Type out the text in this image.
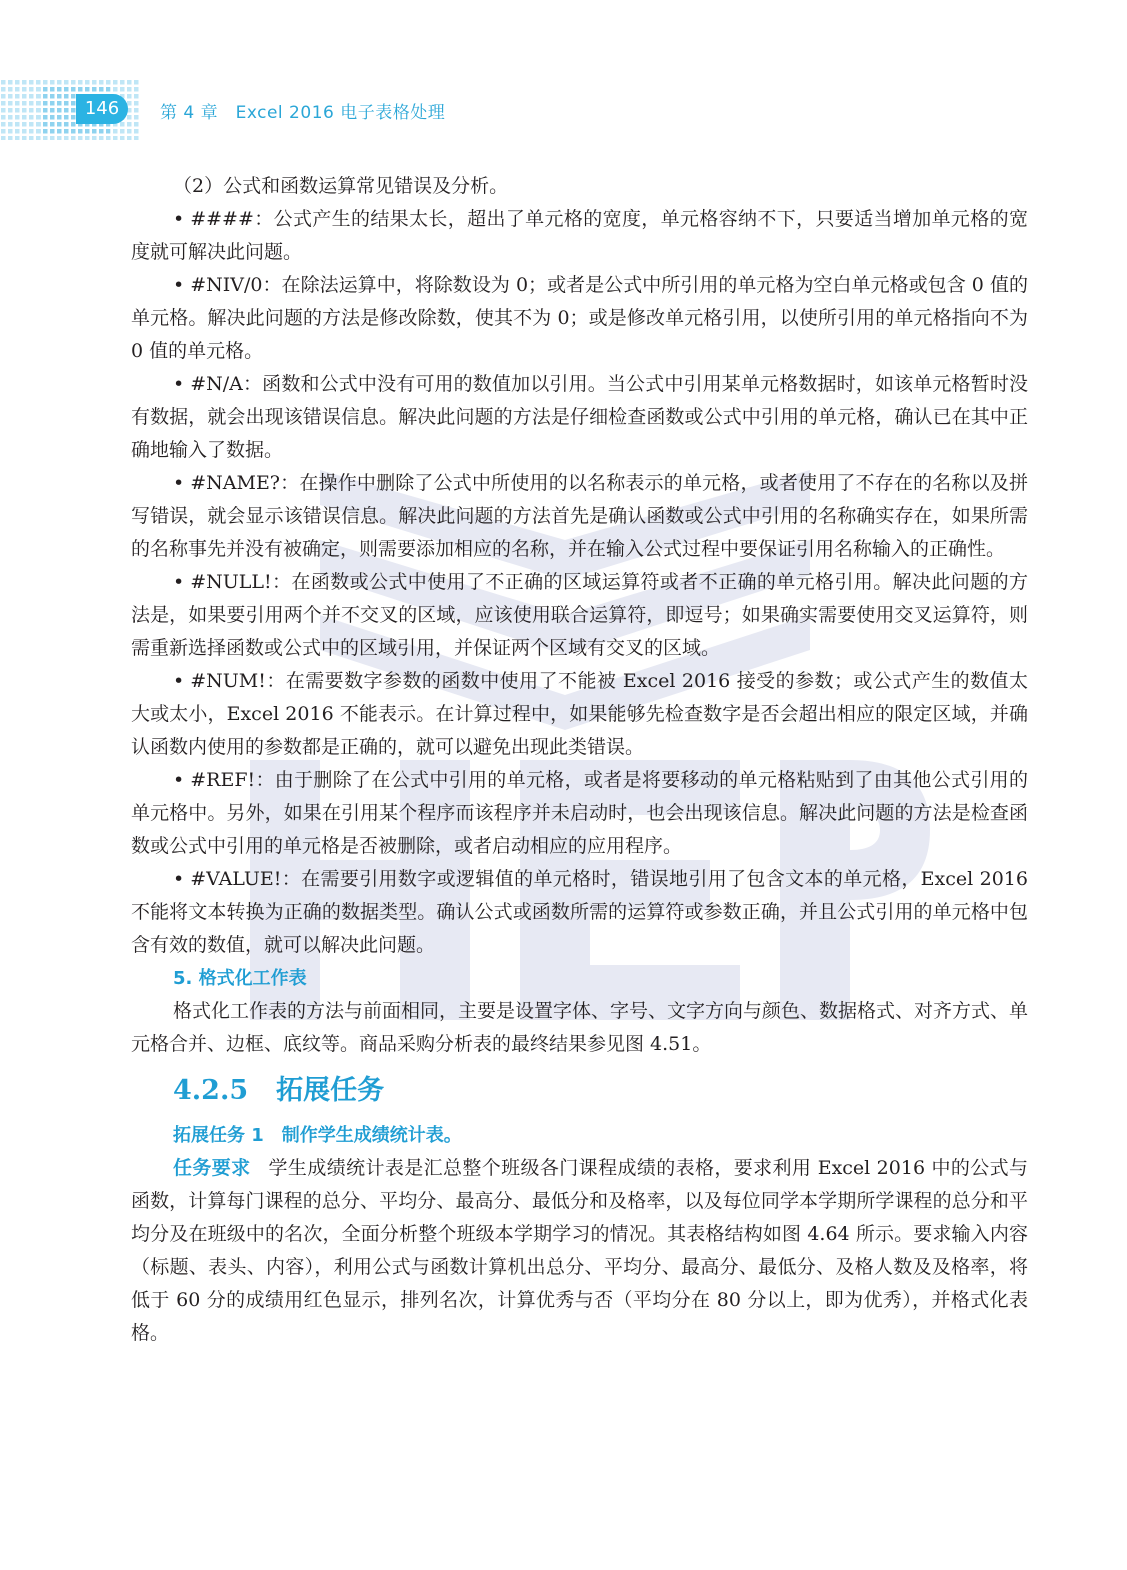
146	第 4 章　Excel 2016 电子表格处理

（2）公式和函数运算常见错误及分析。

• ####：公式产生的结果太长，超出了单元格的宽度，单元格容纳不下，只要适当增加单元格的宽度就可解决此问题。

• #NIV/0：在除法运算中，将除数设为 0；或者是公式中所引用的单元格为空白单元格或包含 0 值的单元格。解决此问题的方法是修改除数，使其不为 0；或是修改单元格引用，以使所引用的单元格指向不为 0 值的单元格。

• #N/A：函数和公式中没有可用的数值加以引用。当公式中引用某单元格数据时，如该单元格暂时没有数据，就会出现该错误信息。解决此问题的方法是仔细检查函数或公式中引用的单元格，确认已在其中正确地输入了数据。

• #NAME?：在操作中删除了公式中所使用的以名称表示的单元格，或者使用了不存在的名称以及拼写错误，就会显示该错误信息。解决此问题的方法首先是确认函数或公式中引用的名称确实存在，如果所需的名称事先并没有被确定，则需要添加相应的名称，并在输入公式过程中要保证引用名称输入的正确性。

• #NULL!：在函数或公式中使用了不正确的区域运算符或者不正确的单元格引用。解决此问题的方法是，如果要引用两个并不交叉的区域，应该使用联合运算符，即逗号；如果确实需要使用交叉运算符，则需重新选择函数或公式中的区域引用，并保证两个区域有交叉的区域。

• #NUM!：在需要数字参数的函数中使用了不能被 Excel 2016 接受的参数；或公式产生的数值太大或太小，Excel 2016 不能表示。在计算过程中，如果能够先检查数字是否会超出相应的限定区域，并确认函数内使用的参数都是正确的，就可以避免出现此类错误。

• #REF!：由于删除了在公式中引用的单元格，或者是将要移动的单元格粘贴到了由其他公式引用的单元格中。另外，如果在引用某个程序而该程序并未启动时，也会出现该信息。解决此问题的方法是检查函数或公式中引用的单元格是否被删除，或者启动相应的应用程序。

• #VALUE!：在需要引用数字或逻辑值的单元格时，错误地引用了包含文本的单元格，Excel 2016 不能将文本转换为正确的数据类型。确认公式或函数所需的运算符或参数正确，并且公式引用的单元格中包含有效的数值，就可以解决此问题。

5. 格式化工作表

格式化工作表的方法与前面相同，主要是设置字体、字号、文字方向与颜色、数据格式、对齐方式、单元格合并、边框、底纹等。商品采购分析表的最终结果参见图 4.51。

4.2.5 拓展任务
拓展任务 1　制作学生成绩统计表。

任务要求 学生成绩统计表是汇总整个班级各门课程成绩的表格，要求利用 Excel 2016 中的公式与函数，计算每门课程的总分、平均分、最高分、最低分和及格率，以及每位同学本学期所学课程的总分和平均分及在班级中的名次，全面分析整个班级本学期学习的情况。其表格结构如图 4.64 所示。要求输入内容（标题、表头、内容），利用公式与函数计算机出总分、平均分、最高分、最低分、及格人数及及格率，将低于 60 分的成绩用红色显示，排列名次，计算优秀与否（平均分在 80 分以上，即为优秀），并格式化表格。
